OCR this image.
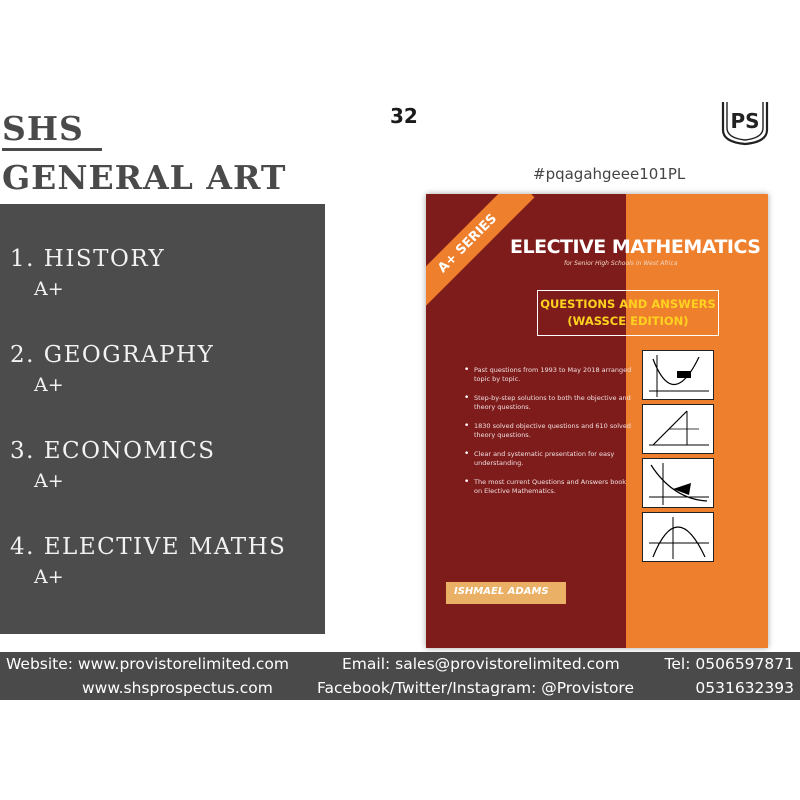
SHS
GENERAL ART
32	PS
#pqagahgeee101PL
1. HISTORY
A+
2. GEOGRAPHY
A+
3. ECONOMICS
A+
4. ELECTIVE MATHS
A+
A+ SERIES ELECTIVE MATHEMATICS
for Senior High Schools in West Africa
QUESTIONS AND ANSWERS
(WASSCE EDITION)
• Past questions from 1993 to May 2018 arranged topic by topic.
• Step-by-step solutions to both the objective and theory questions.
• 1830 solved objective questions and 610 solved theory questions.
• Clear and systematic presentation for easy understanding.
• The most current Questions and Answers book on Elective Mathematics.
ISHMAEL ADAMS
Website: www.provistorelimited.com
www.shsprospectus.com
Email: sales@provistorelimited.com
Facebook/Twitter/Instagram: @Provistore
Tel: 0506597871
0531632393
